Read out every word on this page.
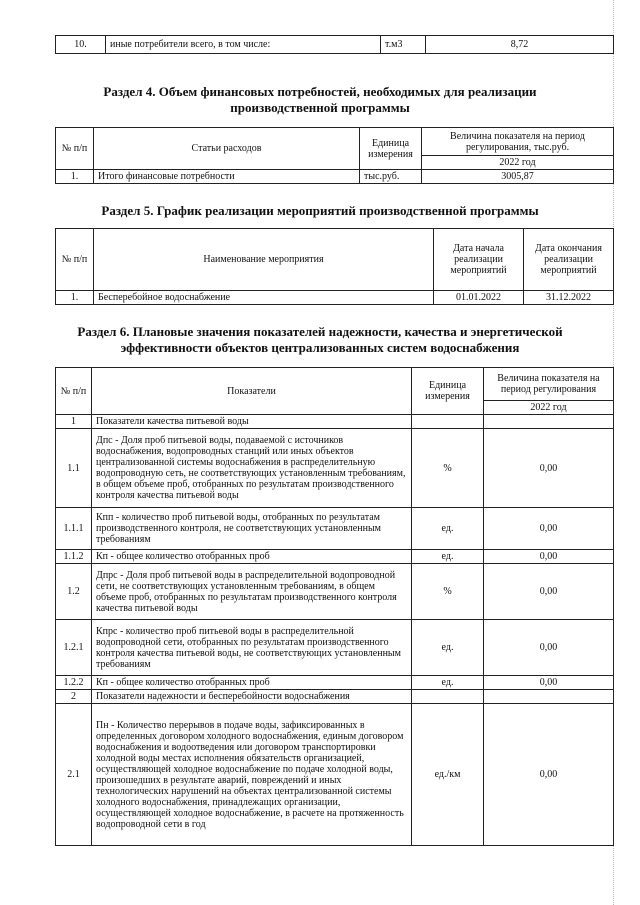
10.	иные потребители всего, в том числе:	т.м3	8,72
Раздел 4. Объем финансовых потребностей, необходимых для реализации
производственной программы
№ п/п	Статьи расходов	Единица измерения	Величина показателя на период регулирования, тыс.руб.
			2022 год
1.	Итого финансовые потребности	тыс.руб.	3005,87
Раздел 5. График реализации мероприятий производственной программы
№ п/п	Наименование мероприятия	Дата начала реализации мероприятий	Дата окончания реализации мероприятий
1.	Бесперебойное водоснабжение	01.01.2022	31.12.2022
Раздел 6. Плановые значения показателей надежности, качества и энергетической
эффективности объектов централизованных систем водоснабжения
№ п/п	Показатели	Единица измерения	Величина показателя на период регулирования
			2022 год
1	Показатели качества питьевой воды		
1.1	Дпс - Доля проб питьевой воды, подаваемой с источников водоснабжения, водопроводных станций или иных объектов централизованной системы водоснабжения в распределительную водопроводную сеть, не соответствующих установленным требованиям, в общем объеме проб, отобранных по результатам производственного контроля качества питьевой воды	%	0,00
1.1.1	Кпп - количество проб питьевой воды, отобранных по результатам производственного контроля, не соответствующих установленным требованиям	ед.	0,00
1.1.2	Кп - общее количество отобранных проб	ед.	0,00
1.2	Дпрс - Доля проб питьевой воды в распределительной водопроводной сети, не соответствующих установленным требованиям, в общем объеме проб, отобранных по результатам производственного контроля качества питьевой воды	%	0,00
1.2.1	Кпрс - количество проб питьевой воды в распределительной водопроводной сети, отобранных по результатам производственного контроля качества питьевой воды, не соответствующих установленным требованиям	ед.	0,00
1.2.2	Кп - общее количество отобранных проб	ед.	0,00
2	Показатели надежности и бесперебойности водоснабжения		
2.1	Пн - Количество перерывов в подаче воды, зафиксированных в определенных договором холодного водоснабжения, единым договором водоснабжения и водоотведения или договором транспортировки холодной воды местах исполнения обязательств организацией, осуществляющей холодное водоснабжение по подаче холодной воды, произошедших в результате аварий, повреждений и иных технологических нарушений на объектах централизованной системы холодного водоснабжения, принадлежащих организации, осуществляющей холодное водоснабжение, в расчете на протяженность водопроводной сети в год	ед./км	0,00
